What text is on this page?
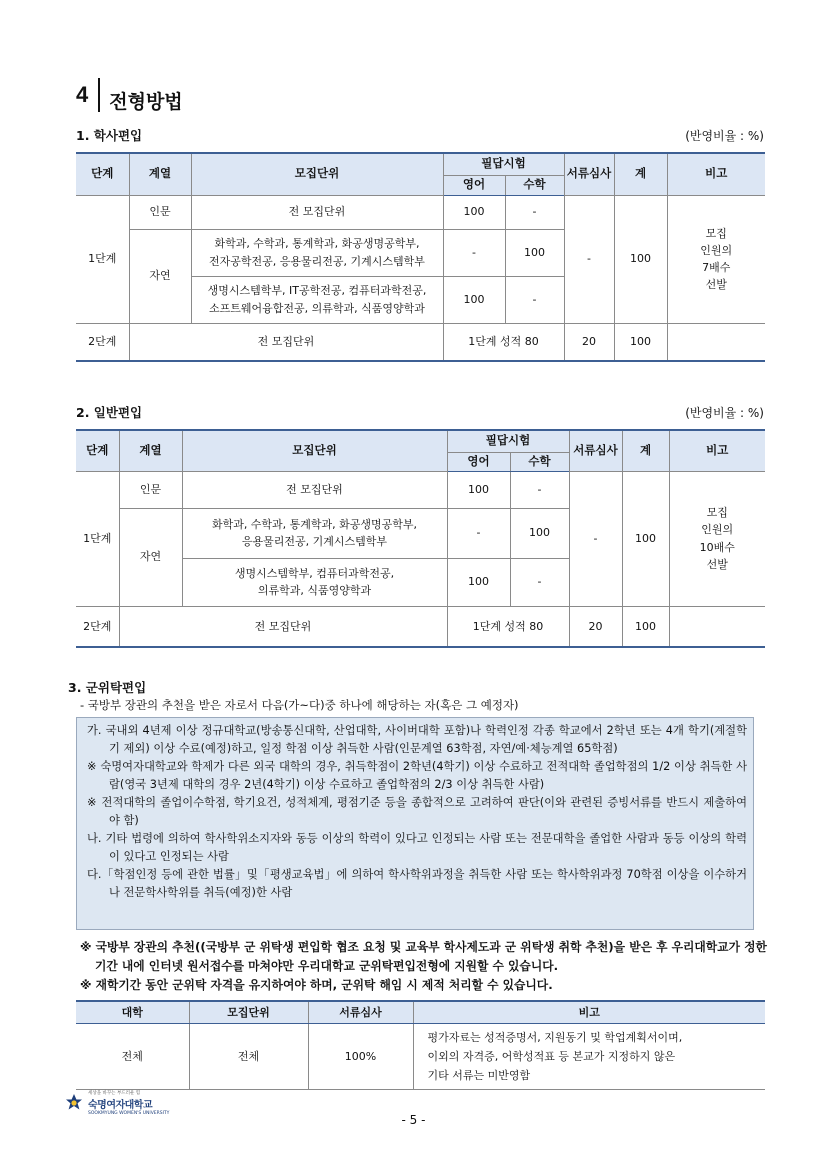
4 전형방법
1. 학사편입	(반영비율 : %)
단계	계열	모집단위	필답시험		서류심사	계	비고
			영어	수학			
1단계	인문	전 모집단위	100	-	-	100	모집
인원의
7배수
선발
	자연	화학과, 수학과, 통계학과, 화공생명공학부,
전자공학전공, 응용물리전공, 기계시스템학부	-	100			
		생명시스템학부, IT공학전공, 컴퓨터과학전공,
소프트웨어융합전공, 의류학과, 식품영양학과	100	-			
2단계	전 모집단위		1단계 성적 80		20	100	
2. 일반편입	(반영비율 : %)
단계	계열	모집단위	필답시험		서류심사	계	비고
			영어	수학			
1단계	인문	전 모집단위	100	-	-	100	모집
인원의
10배수
선발
	자연	화학과, 수학과, 통계학과, 화공생명공학부,
응용물리전공, 기계시스템학부	-	100			
		생명시스템학부, 컴퓨터과학전공,
의류학과, 식품영양학과	100	-			
2단계	전 모집단위		1단계 성적 80		20	100	
3. 군위탁편입
- 국방부 장관의 추천을 받은 자로서 다음(가~다)중 하나에 해당하는 자(혹은 그 예정자)
가. 국내외 4년제 이상 정규대학교(방송통신대학, 산업대학, 사이버대학 포함)나 학력인정 각종 학교에서 2학년 또는 4개 학기(계절학기 제외) 이상 수료(예정)하고, 일정 학점 이상 취득한 사람(인문계열 63학점, 자연/예·체능계열 65학점)
※ 숙명여자대학교와 학제가 다른 외국 대학의 경우, 취득학점이 2학년(4학기) 이상 수료하고 전적대학 졸업학점의 1/2 이상 취득한 사람(영국 3년제 대학의 경우 2년(4학기) 이상 수료하고 졸업학점의 2/3 이상 취득한 사람)
※ 전적대학의 졸업이수학점, 학기요건, 성적체계, 평점기준 등을 종합적으로 고려하여 판단(이와 관련된 증빙서류를 반드시 제출하여야 함)
나. 기타 법령에 의하여 학사학위소지자와 동등 이상의 학력이 있다고 인정되는 사람 또는 전문대학을 졸업한 사람과 동등 이상의 학력이 있다고 인정되는 사람
다.「학점인정 등에 관한 법률」및「평생교육법」에 의하여 학사학위과정을 취득한 사람 또는 학사학위과정 70학점 이상을 이수하거나 전문학사학위를 취득(예정)한 사람
※ 국방부 장관의 추천((국방부 군 위탁생 편입학 협조 요청 및 교육부 학사제도과 군 위탁생 취학 추천)을 받은 후 우리대학교가 정한 기간 내에 인터넷 원서접수를 마쳐야만 우리대학교 군위탁편입전형에 지원할 수 있습니다.
※ 재학기간 동안 군위탁 자격을 유지하여야 하며, 군위탁 해임 시 제적 처리할 수 있습니다.
대학	모집단위	서류심사	비고
전체	전체	100%	평가자료는 성적증명서, 지원동기 및 학업계획서이며,
이외의 자격증, 어학성적표 등 본교가 지정하지 않은
기타 서류는 미반영함
세상을 바꾸는 부드러운 힘
숙명여자대학교
SOOKMYUNG WOMEN'S UNIVERSITY	- 5 -
